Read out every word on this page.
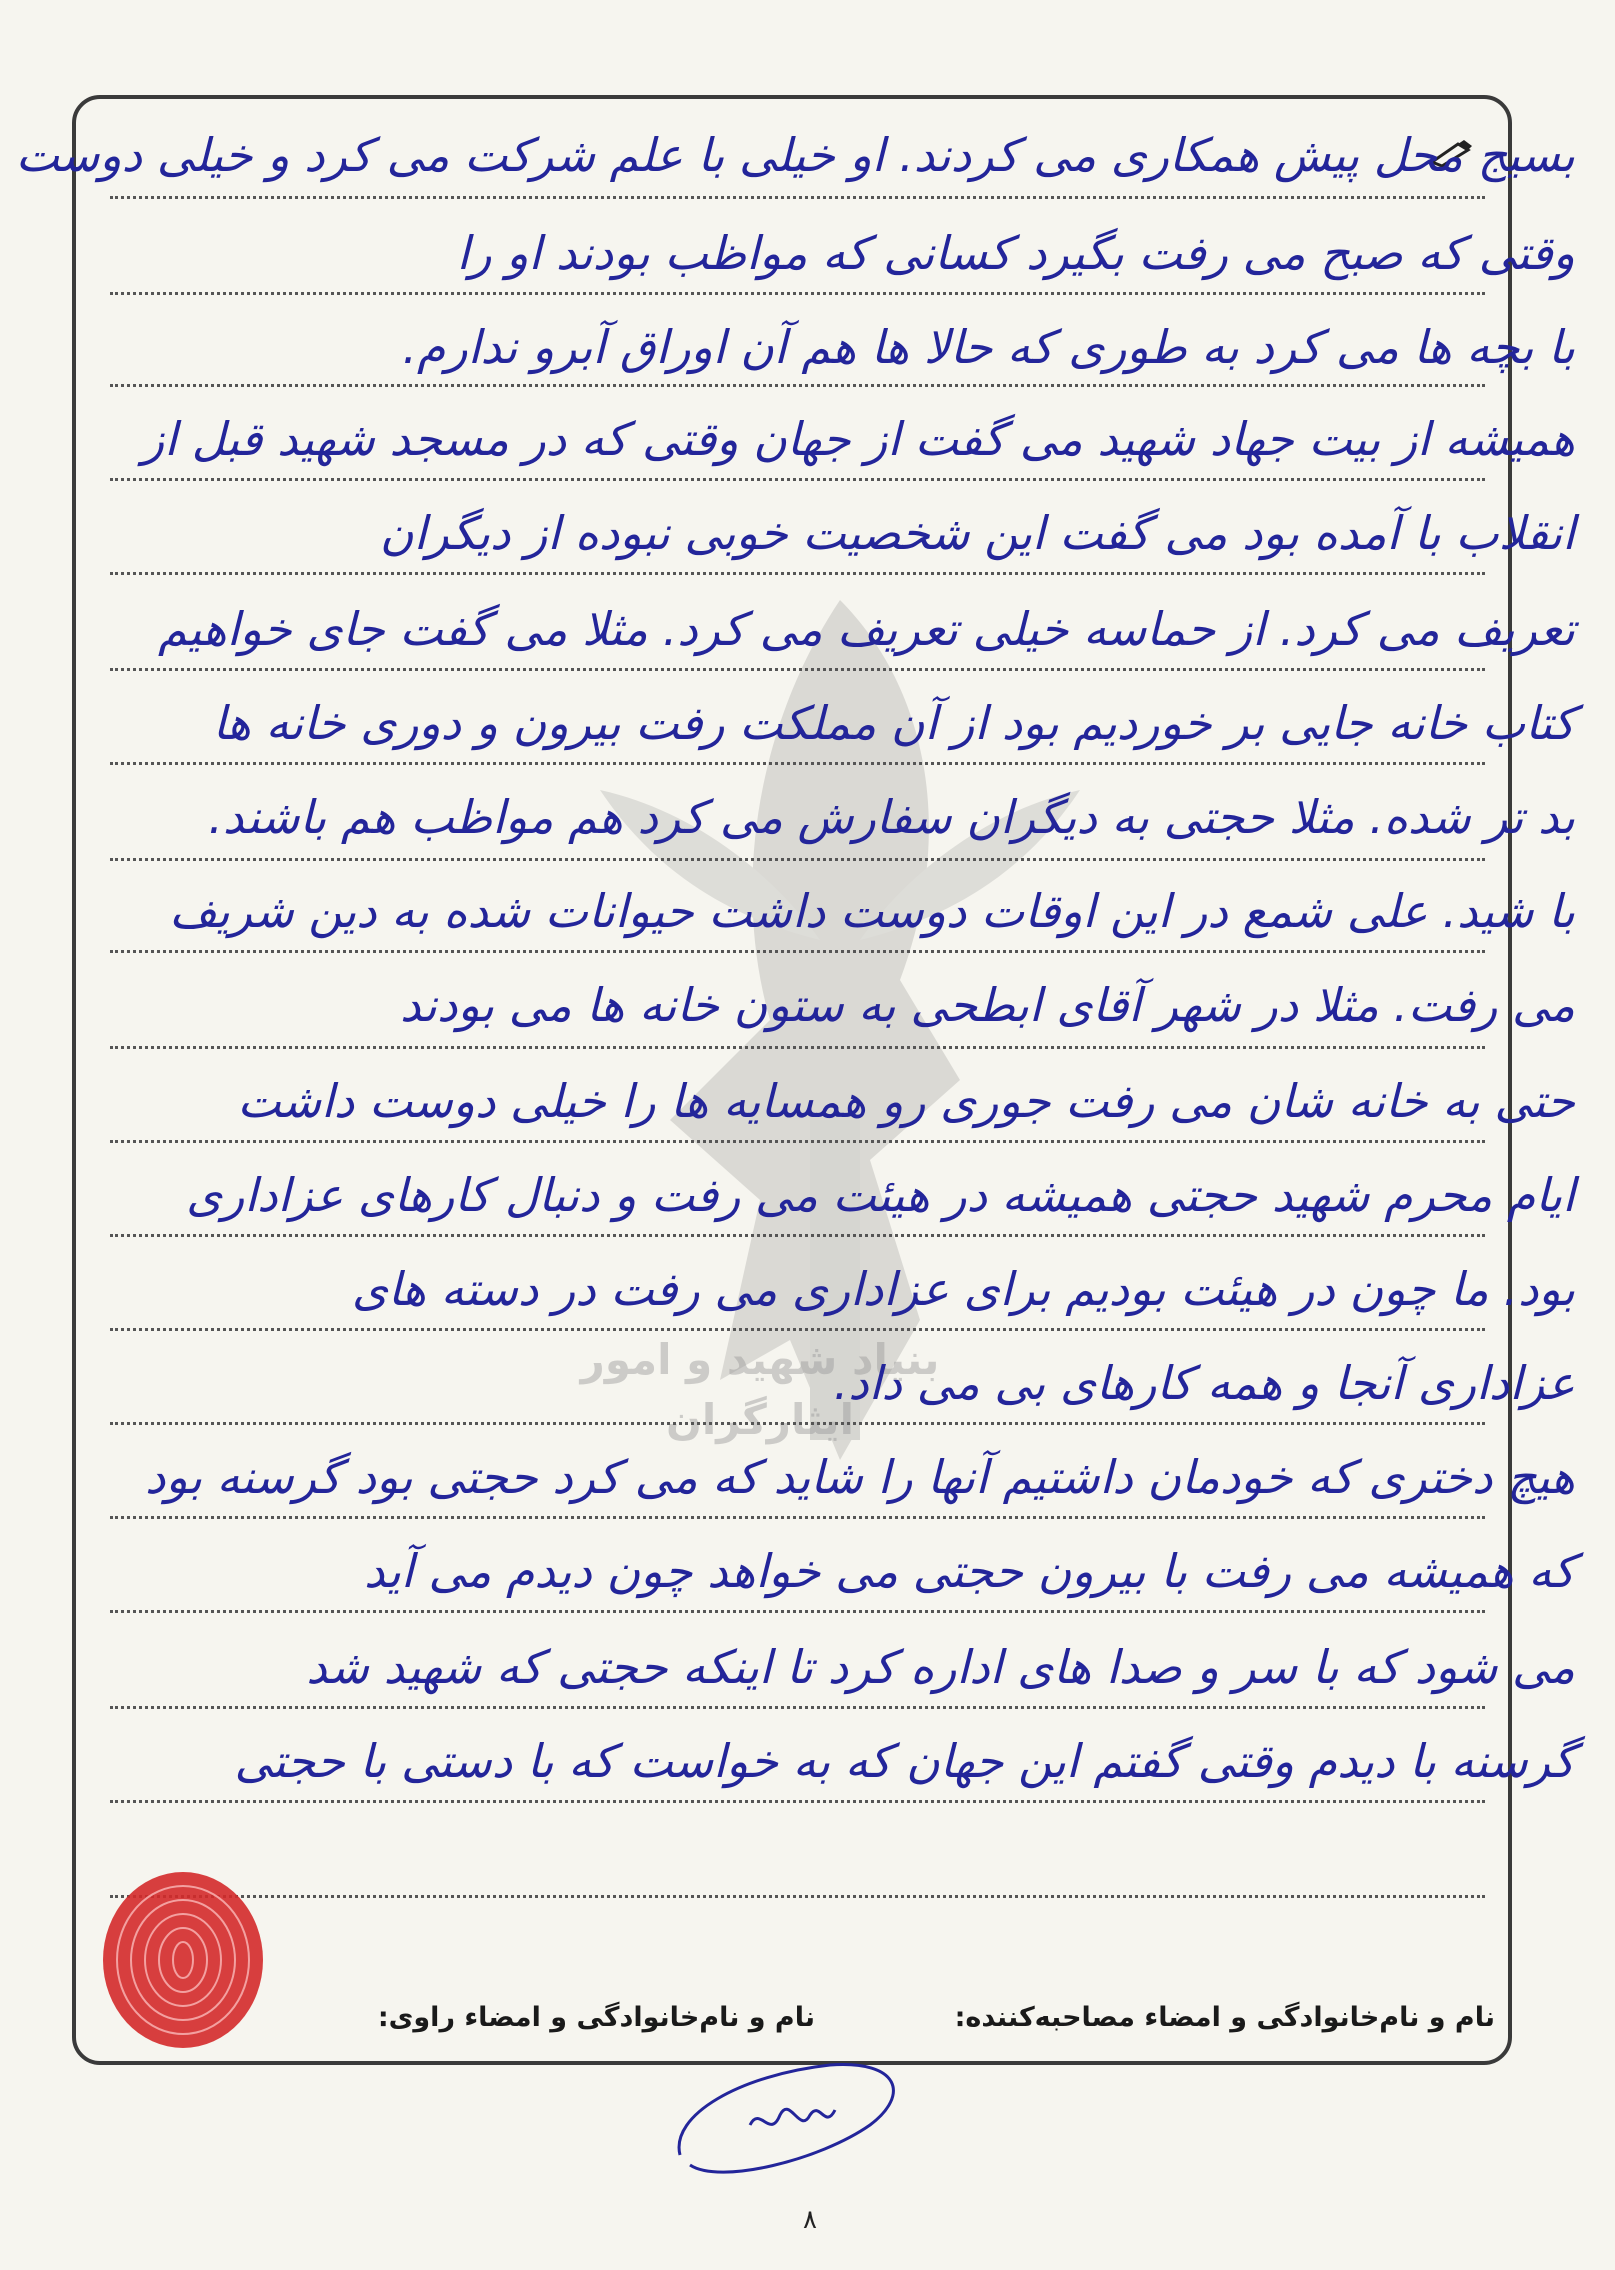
بنیاد شهید و امور ایثارگران
بسیج محل پیش همکاری می کردند. او خیلی با علم شرکت می کرد و خیلی دوست
وقتی که صبح می رفت بگیرد کسانی که مواظب بودند او را
با بچه ها می کرد به طوری که حالا ها هم آن اوراق آبرو ندارم.
همیشه از بیت جهاد شهید می گفت از جهان وقتی که در مسجد شهید قبل از
انقلاب با آمده بود می گفت این شخصیت خوبی نبوده از دیگران
تعریف می کرد. از حماسه خیلی تعریف می کرد. مثلا می گفت جای خواهیم
کتاب خانه جایی بر خوردیم بود از آن مملکت رفت بیرون و دوری خانه ها
بد تر شده. مثلا حجتی به دیگران سفارش می کرد هم مواظب هم باشند.
با شید. علی شمع در این اوقات دوست داشت حیوانات شده به دین شریف
می رفت. مثلا در شهر آقای ابطحی به ستون خانه ها می بودند
حتی به خانه شان می رفت جوری رو همسایه ها را خیلی دوست داشت
ایام محرم شهید حجتی همیشه در هیئت می رفت و دنبال کارهای عزاداری
بود. ما چون در هیئت بودیم برای عزاداری می رفت در دسته های
عزاداری آنجا و همه کارهای بی می داد.
هیچ دختری که خودمان داشتیم آنها را شاید که می کرد حجتی بود گرسنه بود
که همیشه می رفت با بیرون حجتی می خواهد چون دیدم می آید
می شود که با سر و صدا های اداره کرد تا اینکه حجتی که شهید شد
گرسنه با دیدم وقتی گفتم این جهان که به خواست که با دستی با حجتی
نام و نام‌خانوادگی و امضاء مصاحبه‌کننده:
نام و نام‌خانوادگی و امضاء راوی:
۸
